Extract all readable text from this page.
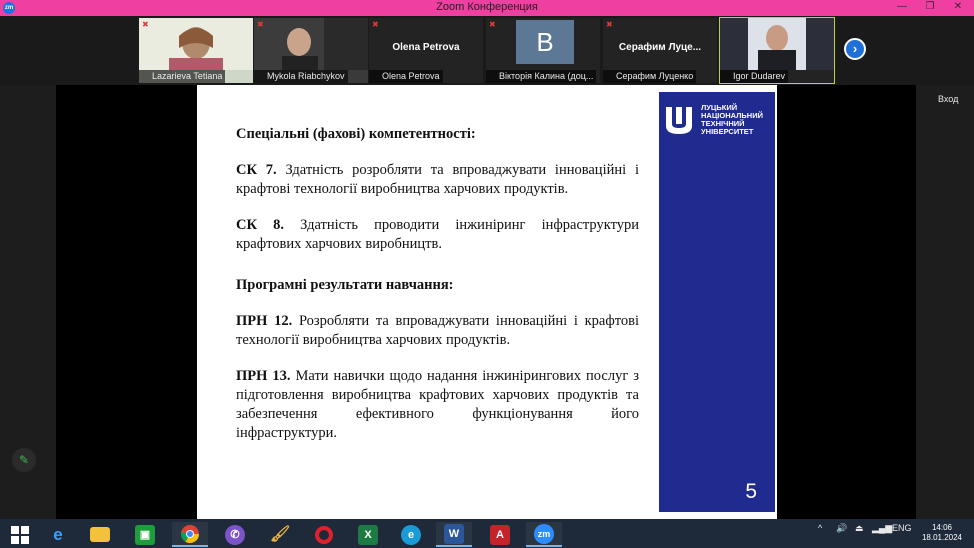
zm	Zoom Конференция	—	❐	✕
✖
Lazarieva Tetiana
✖
Mykola Riabchykov
Olena Petrova
✖
Olena Petrova
B
✖
Вікторія Калина (доц...
Серафим Луце...
✖
Серафим Луценко	Igor Dudarev
›

Спеціальні (фахові) компетентності:

СК 7. Здатність розробляти та впроваджувати інноваційні і крафтові технології виробництва харчових продуктів.

СК 8. Здатність проводити інжиніринг інфраструктури крафтових харчових виробництв.

Програмні результати навчання:

ПРН 12. Розробляти та впроваджувати інноваційні і крафтові технології виробництва харчових продуктів.

ПРН 13. Мати навички щодо надання інжинірингових послуг з підготовлення виробництва крафтових харчових продуктів та забезпечення ефективного функціонування його інфраструктури.

ЛУЦЬКИЙ НАЦІОНАЛЬНИЙ ТЕХНІЧНИЙ УНІВЕРСИТЕТ
5
Вход
✎
e	▣	✆	🖌	X	e	W	A	zm
^ 🔊 ⏏ ▂▄▆ ENG	14:06
18.01.2024
